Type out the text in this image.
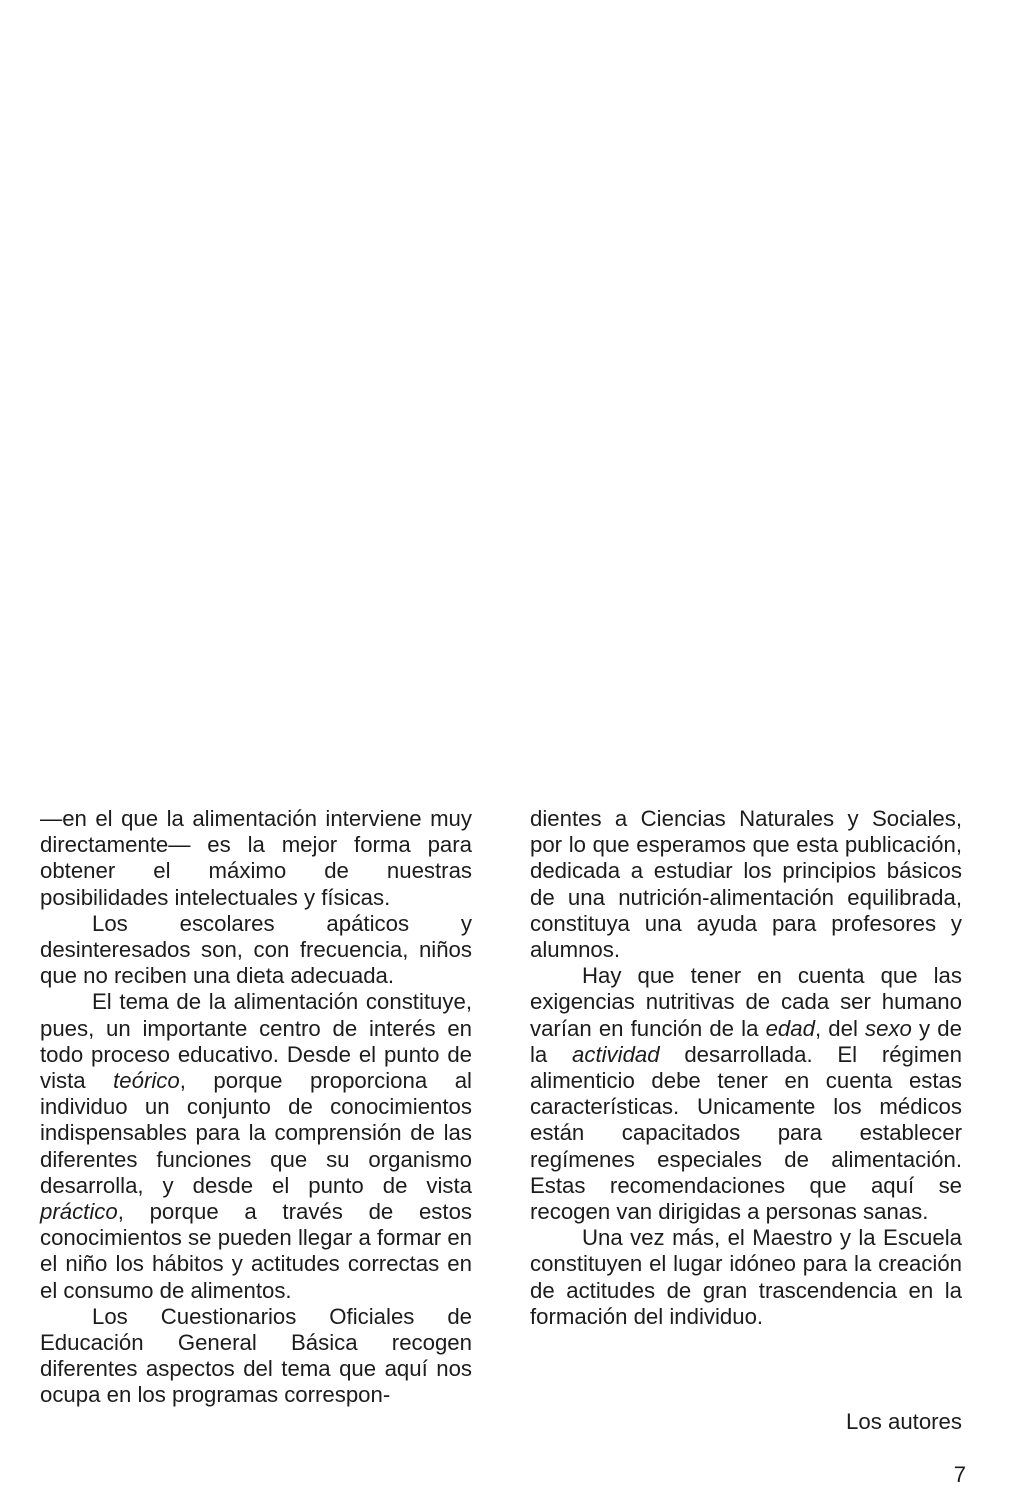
—en el que la alimentación interviene muy directamente— es la mejor forma para obtener el máximo de nuestras posibilidades intelectuales y físicas.

Los escolares apáticos y desinteresados son, con frecuencia, niños que no reciben una dieta adecuada.

El tema de la alimentación constituye, pues, un importante centro de interés en todo proceso educativo. Desde el punto de vista teórico, porque proporciona al individuo un conjunto de conocimientos indispensables para la comprensión de las diferentes funciones que su organismo desarrolla, y desde el punto de vista práctico, porque a través de estos conocimientos se pueden llegar a formar en el niño los hábitos y actitudes correctas en el consumo de alimentos.

Los Cuestionarios Oficiales de Educación General Básica recogen diferentes aspectos del tema que aquí nos ocupa en los programas correspon-

dientes a Ciencias Naturales y Sociales, por lo que esperamos que esta publicación, dedicada a estudiar los principios básicos de una nutrición-alimentación equilibrada, constituya una ayuda para profesores y alumnos.

Hay que tener en cuenta que las exigencias nutritivas de cada ser humano varían en función de la edad, del sexo y de la actividad desarrollada. El régimen alimenticio debe tener en cuenta estas características. Unicamente los médicos están capacitados para establecer regímenes especiales de alimentación. Estas recomendaciones que aquí se recogen van dirigidas a personas sanas.

Una vez más, el Maestro y la Escuela constituyen el lugar idóneo para la creación de actitudes de gran trascendencia en la formación del individuo.

Los autores
7
